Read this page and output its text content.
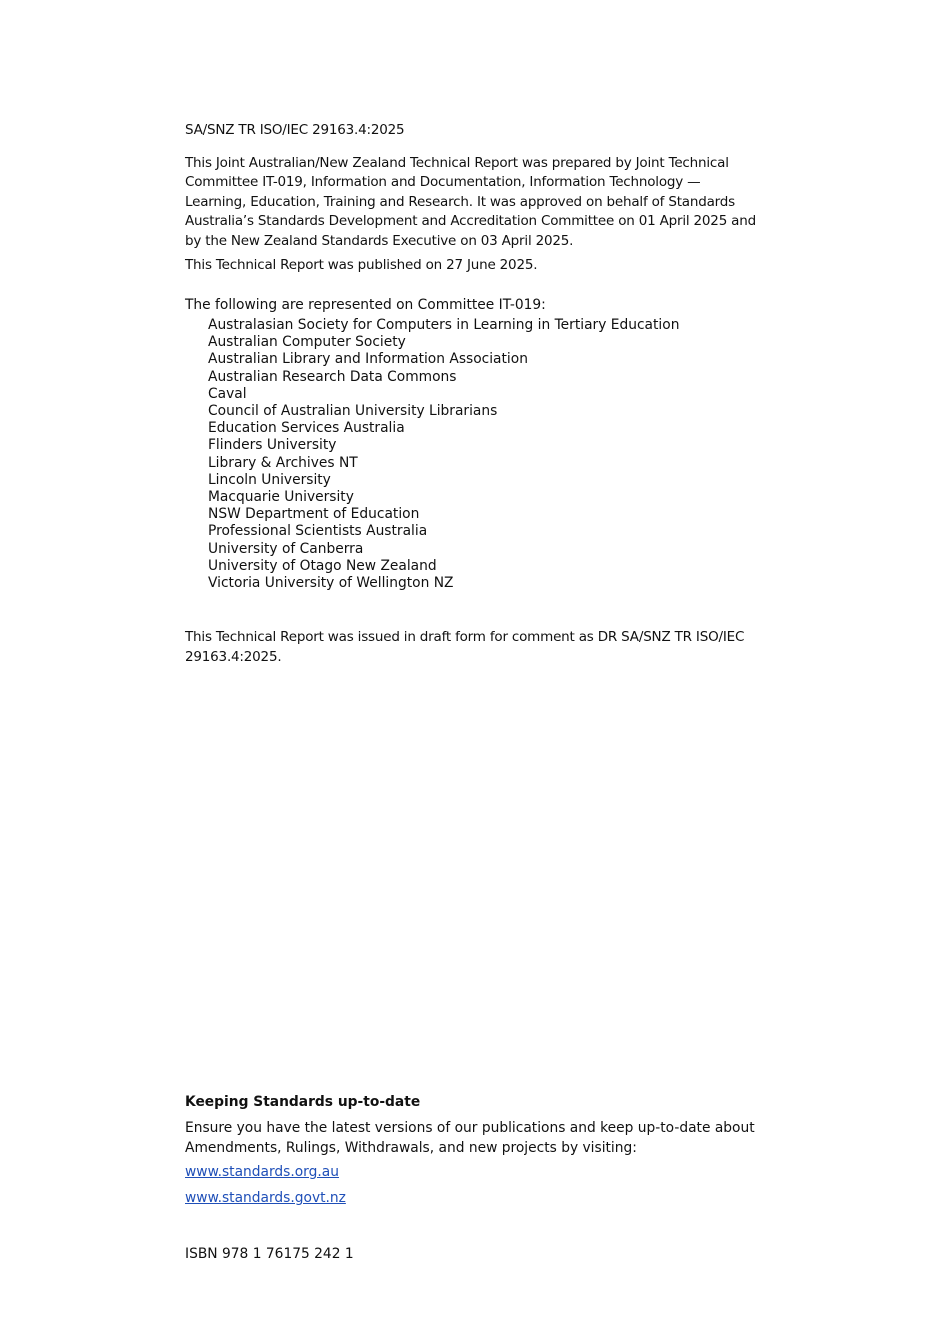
SA/SNZ TR ISO/IEC 29163.4:2025
This Joint Australian/New Zealand Technical Report was prepared by Joint Technical Committee IT-019, Information and Documentation, Information Technology — Learning, Education, Training and Research. It was approved on behalf of Standards Australia’s Standards Development and Accreditation Committee on 01 April 2025 and by the New Zealand Standards Executive on 03 April 2025.
This Technical Report was published on 27 June 2025.
The following are represented on Committee IT-019:
Australasian Society for Computers in Learning in Tertiary Education
Australian Computer Society
Australian Library and Information Association
Australian Research Data Commons
Caval
Council of Australian University Librarians
Education Services Australia
Flinders University
Library & Archives NT
Lincoln University
Macquarie University
NSW Department of Education
Professional Scientists Australia
University of Canberra
University of Otago New Zealand
Victoria University of Wellington NZ
This Technical Report was issued in draft form for comment as DR SA/SNZ TR ISO/IEC 29163.4:2025.
Keeping Standards up-to-date
Ensure you have the latest versions of our publications and keep up-to-date about Amendments, Rulings, Withdrawals, and new projects by visiting:
www.standards.org.au
www.standards.govt.nz
ISBN 978 1 76175 242 1
